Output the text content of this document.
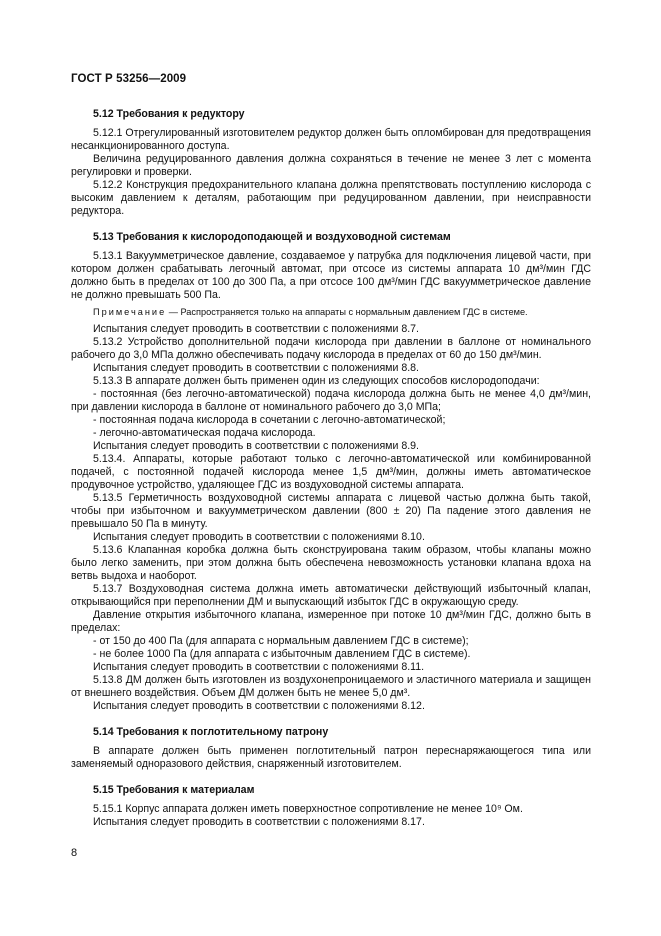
ГОСТ Р 53256—2009
5.12 Требования к редуктору

5.12.1 Отрегулированный изготовителем редуктор должен быть опломбирован для предотвращения несанкционированного доступа.

Величина редуцированного давления должна сохраняться в течение не менее 3 лет с момента регулировки и проверки.

5.12.2 Конструкция предохранительного клапана должна препятствовать поступлению кислорода с высоким давлением к деталям, работающим при редуцированном давлении, при неисправности редуктора.

5.13 Требования к кислородоподающей и воздуховодной системам

5.13.1 Вакуумметрическое давление, создаваемое у патрубка для подключения лицевой части, при котором должен срабатывать легочный автомат, при отсосе из системы аппарата 10 дм³/мин ГДС должно быть в пределах от 100 до 300 Па, а при отсосе 100 дм³/мин ГДС вакуумметрическое давление не должно превышать 500 Па.

Примечание — Распространяется только на аппараты с нормальным давлением ГДС в системе.

Испытания следует проводить в соответствии с положениями 8.7.

5.13.2 Устройство дополнительной подачи кислорода при давлении в баллоне от номинального рабочего до 3,0 МПа должно обеспечивать подачу кислорода в пределах от 60 до 150 дм³/мин.

Испытания следует проводить в соответствии с положениями 8.8.

5.13.3 В аппарате должен быть применен один из следующих способов кислородоподачи:

- постоянная (без легочно-автоматической) подача кислорода должна быть не менее 4,0 дм³/мин, при давлении кислорода в баллоне от номинального рабочего до 3,0 МПа;

- постоянная подача кислорода в сочетании с легочно-автоматической;

- легочно-автоматическая подача кислорода.

Испытания следует проводить в соответствии с положениями 8.9.

5.13.4. Аппараты, которые работают только с легочно-автоматической или комбинированной подачей, с постоянной подачей кислорода менее 1,5 дм³/мин, должны иметь автоматическое продувочное устройство, удаляющее ГДС из воздуховодной системы аппарата.

5.13.5 Герметичность воздуховодной системы аппарата с лицевой частью должна быть такой, чтобы при избыточном и вакуумметрическом давлении (800 ± 20) Па падение этого давления не превышало 50 Па в минуту.

Испытания следует проводить в соответствии с положениями 8.10.

5.13.6 Клапанная коробка должна быть сконструирована таким образом, чтобы клапаны можно было легко заменить, при этом должна быть обеспечена невозможность установки клапана вдоха на ветвь выдоха и наоборот.

5.13.7 Воздуховодная система должна иметь автоматически действующий избыточный клапан, открывающийся при переполнении ДМ и выпускающий избыток ГДС в окружающую среду.

Давление открытия избыточного клапана, измеренное при потоке 10 дм³/мин ГДС, должно быть в пределах:

- от 150 до 400 Па (для аппарата с нормальным давлением ГДС в системе);

- не более 1000 Па (для аппарата с избыточным давлением ГДС в системе).

Испытания следует проводить в соответствии с положениями 8.11.

5.13.8 ДМ должен быть изготовлен из воздухонепроницаемого и эластичного материала и защищен от внешнего воздействия. Объем ДМ должен быть не менее 5,0 дм³.

Испытания следует проводить в соответствии с положениями 8.12.

5.14 Требования к поглотительному патрону

В аппарате должен быть применен поглотительный патрон переснаряжающегося типа или заменяемый одноразового действия, снаряженный изготовителем.

5.15 Требования к материалам

5.15.1 Корпус аппарата должен иметь поверхностное сопротивление не менее 10⁹ Ом.

Испытания следует проводить в соответствии с положениями 8.17.

8
